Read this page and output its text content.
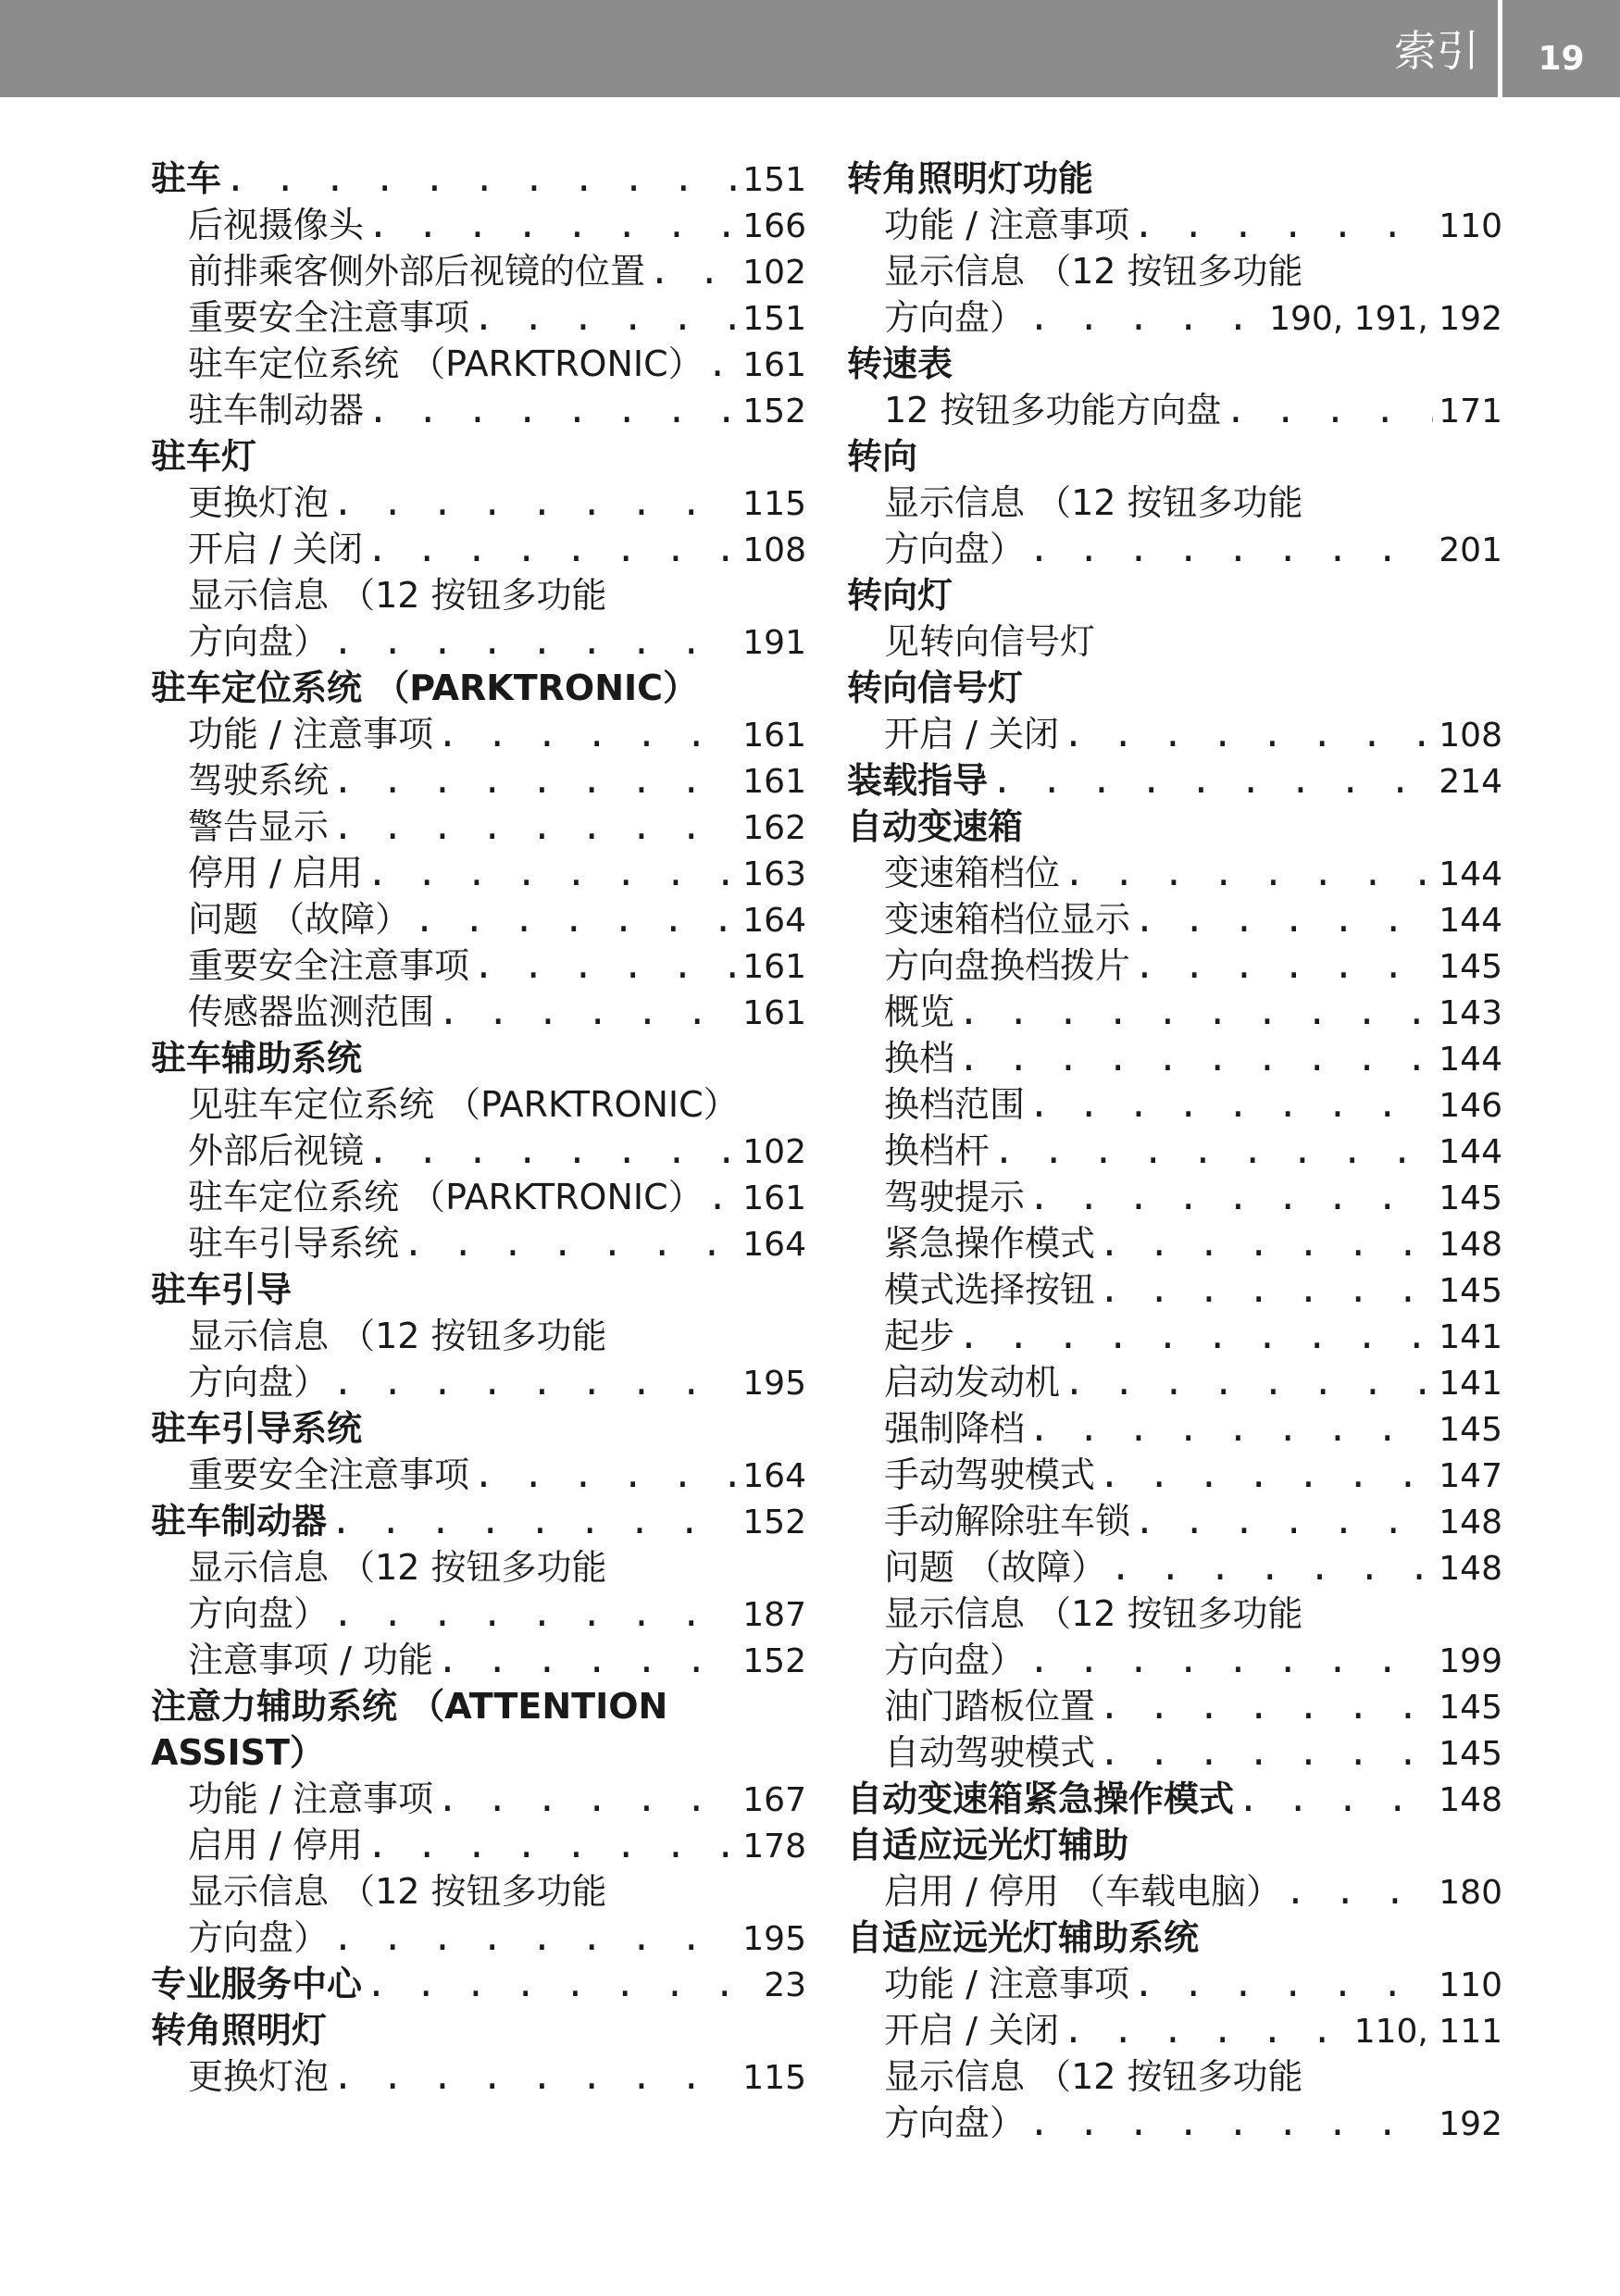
索引	19
驻车 . . .	151
后视摄像头 . . .	166
前排乘客侧外部后视镜的位置 . . .	102
重要安全注意事项 . . .	151
驻车定位系统 （PARKTRONIC） . . . 161
驻车制动器 . . .	152
驻车灯
更换灯泡 . . .	115
开启 / 关闭 . . .	108
显示信息 （12 按钮多功能
方向盘） . . .	191
驻车定位系统 （PARKTRONIC）
功能 / 注意事项 . . .	161
驾驶系统 . . .	161
警告显示 . . .	162
停用 / 启用 . . .	163
问题 （故障） . . .	164
重要安全注意事项 . . .	161
传感器监测范围 . . .	161
驻车辅助系统
见驻车定位系统 （PARKTRONIC）
外部后视镜 . . .	102
驻车定位系统 （PARKTRONIC） . . . 161
驻车引导系统 . . .	164
驻车引导
显示信息 （12 按钮多功能
方向盘） . . .	195
驻车引导系统
重要安全注意事项 . . .	164
驻车制动器 . . .	152
显示信息 （12 按钮多功能
方向盘） . . .	187
注意事项 / 功能 . . .	152
注意力辅助系统 （ATTENTION
ASSIST）
功能 / 注意事项 . . .	167
启用 / 停用 . . .	178
显示信息 （12 按钮多功能
方向盘） . . .	195
专业服务中心 . . .	23
转角照明灯
更换灯泡 . . .	115
转角照明灯功能
功能 / 注意事项 . . .	110
显示信息 （12 按钮多功能
方向盘） . . .	190, 191, 192
转速表
12 按钮多功能方向盘 . . .	171
转向
显示信息 （12 按钮多功能
方向盘） . . .	201
转向灯
见转向信号灯
转向信号灯
开启 / 关闭 . . .	108
装载指导 . . .	214
自动变速箱
变速箱档位 . . .	144
变速箱档位显示 . . .	144
方向盘换档拨片 . . .	145
概览 . . .	143
换档 . . .	144
换档范围 . . .	146
换档杆 . . .	144
驾驶提示 . . .	145
紧急操作模式 . . .	148
模式选择按钮 . . .	145
起步 . . .	141
启动发动机 . . .	141
强制降档 . . .	145
手动驾驶模式 . . .	147
手动解除驻车锁 . . .	148
问题 （故障） . . .	148
显示信息 （12 按钮多功能
方向盘） . . .	199
油门踏板位置 . . .	145
自动驾驶模式 . . .	145
自动变速箱紧急操作模式 . . .	148
自适应远光灯辅助
启用 / 停用 （车载电脑） . . .	180
自适应远光灯辅助系统
功能 / 注意事项 . . .	110
开启 / 关闭 . . .	110, 111
显示信息 （12 按钮多功能
方向盘） . . .	192
